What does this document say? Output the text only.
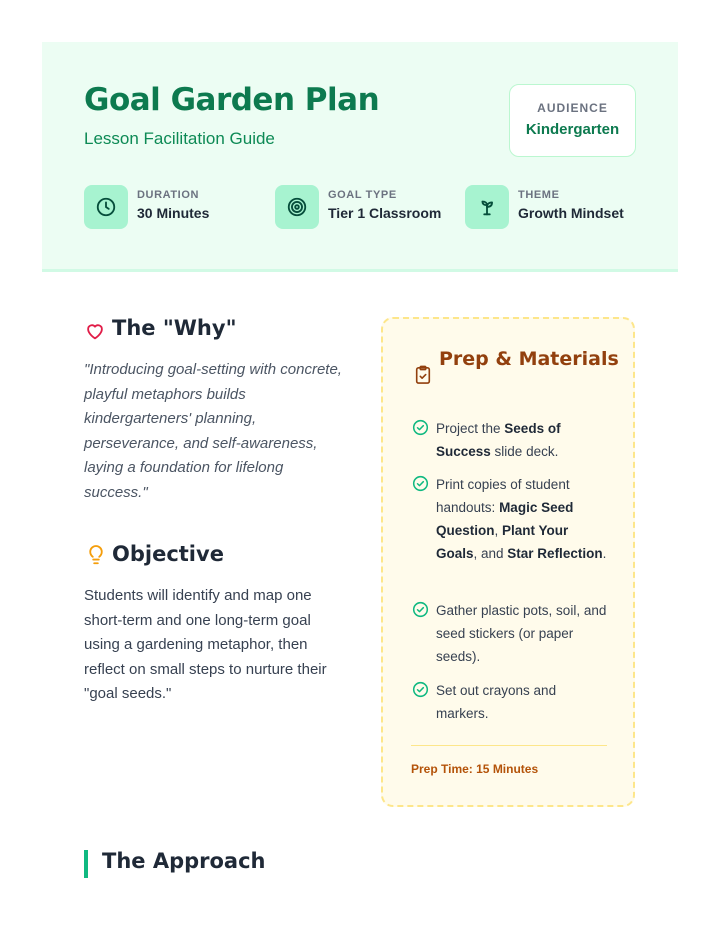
Goal Garden Plan
Lesson Facilitation Guide
AUDIENCE
Kindergarten
DURATION
30 Minutes
GOAL TYPE
Tier 1 Classroom
THEME
Growth Mindset
The "Why"

"Introducing goal-setting with concrete, playful metaphors builds kindergarteners' planning, perseverance, and self-awareness, laying a foundation for lifelong success."

Objective

Students will identify and map one short-term and one long-term goal using a gardening metaphor, then reflect on small steps to nurture their "goal seeds."

Prep & Materials
Project the Seeds of Success slide deck.
Print copies of student handouts: Magic Seed Question, Plant Your Goals, and Star Reflection.
Gather plastic pots, soil, and seed stickers (or paper seeds).
Set out crayons and markers.
Prep Time: 15 Minutes
The Approach
